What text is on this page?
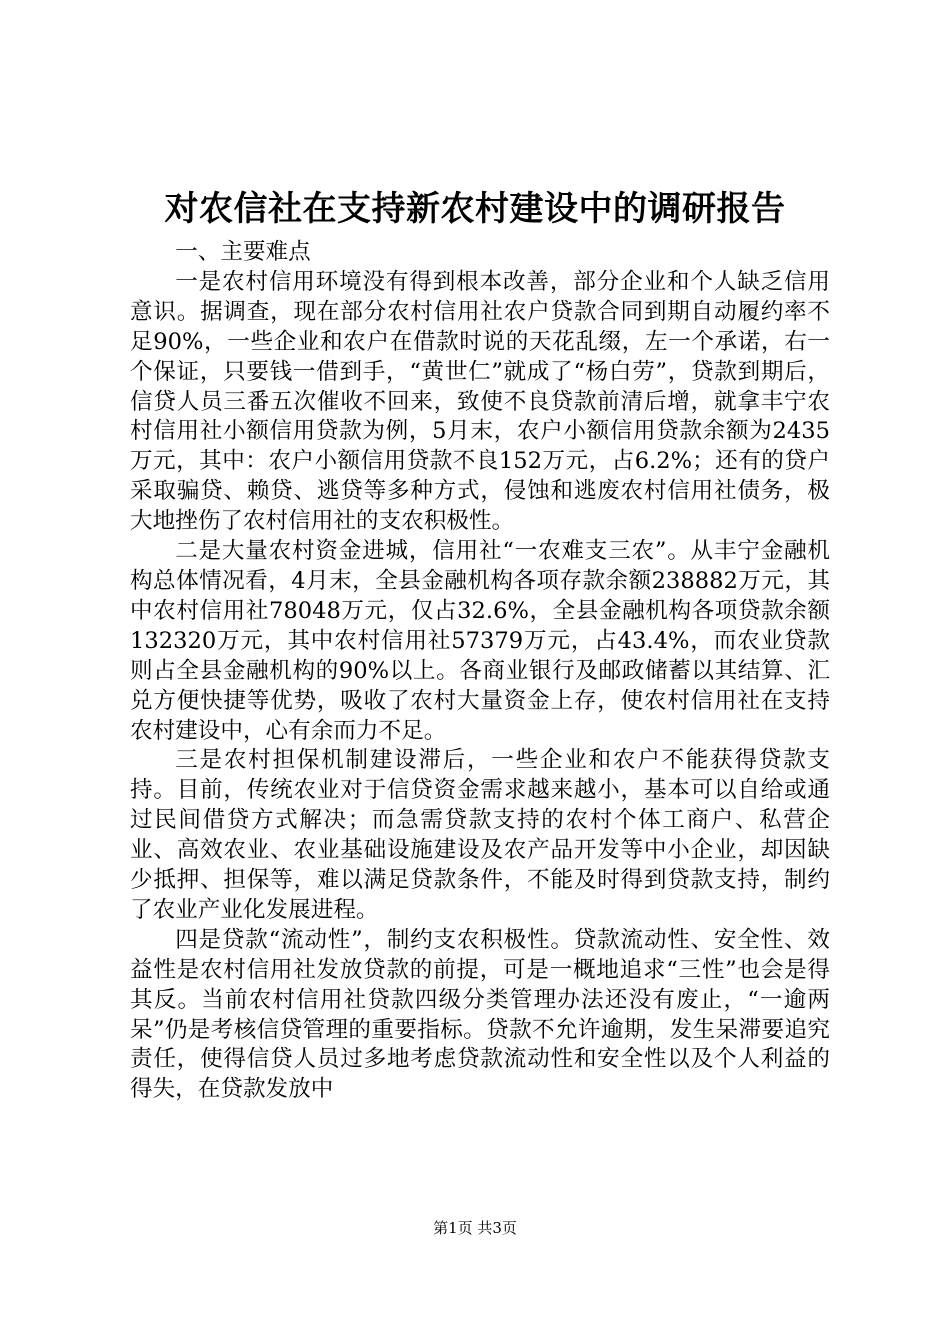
对农信社在支持新农村建设中的调研报告

一、主要难点

一是农村信用环境没有得到根本改善，部分企业和个人缺乏信用意识。据调查，现在部分农村信用社农户贷款合同到期自动履约率不足90%，一些企业和农户在借款时说的天花乱缀，左一个承诺，右一个保证，只要钱一借到手，“黄世仁”就成了“杨白劳”，贷款到期后，信贷人员三番五次催收不回来，致使不良贷款前清后增，就拿丰宁农村信用社小额信用贷款为例，5月末，农户小额信用贷款余额为2435万元，其中：农户小额信用贷款不良152万元，占6.2%；还有的贷户采取骗贷、赖贷、逃贷等多种方式，侵蚀和逃废农村信用社债务，极大地挫伤了农村信用社的支农积极性。

二是大量农村资金进城，信用社“一农难支三农”。从丰宁金融机构总体情况看，4月末，全县金融机构各项存款余额238882万元，其中农村信用社78048万元，仅占32.6%，全县金融机构各项贷款余额132320万元，其中农村信用社57379万元，占43.4%，而农业贷款则占全县金融机构的90%以上。各商业银行及邮政储蓄以其结算、汇兑方便快捷等优势，吸收了农村大量资金上存，使农村信用社在支持农村建设中，心有余而力不足。

三是农村担保机制建设滞后，一些企业和农户不能获得贷款支持。目前，传统农业对于信贷资金需求越来越小，基本可以自给或通过民间借贷方式解决；而急需贷款支持的农村个体工商户、私营企业、高效农业、农业基础设施建设及农产品开发等中小企业，却因缺少抵押、担保等，难以满足贷款条件，不能及时得到贷款支持，制约了农业产业化发展进程。

四是贷款“流动性”，制约支农积极性。贷款流动性、安全性、效益性是农村信用社发放贷款的前提，可是一概地追求“三性”也会是得其反。当前农村信用社贷款四级分类管理办法还没有废止，“一逾两呆”仍是考核信贷管理的重要指标。贷款不允许逾期，发生呆滞要追究责任，使得信贷人员过多地考虑贷款流动性和安全性以及个人利益的得失，在贷款发放中

第1页 共3页
